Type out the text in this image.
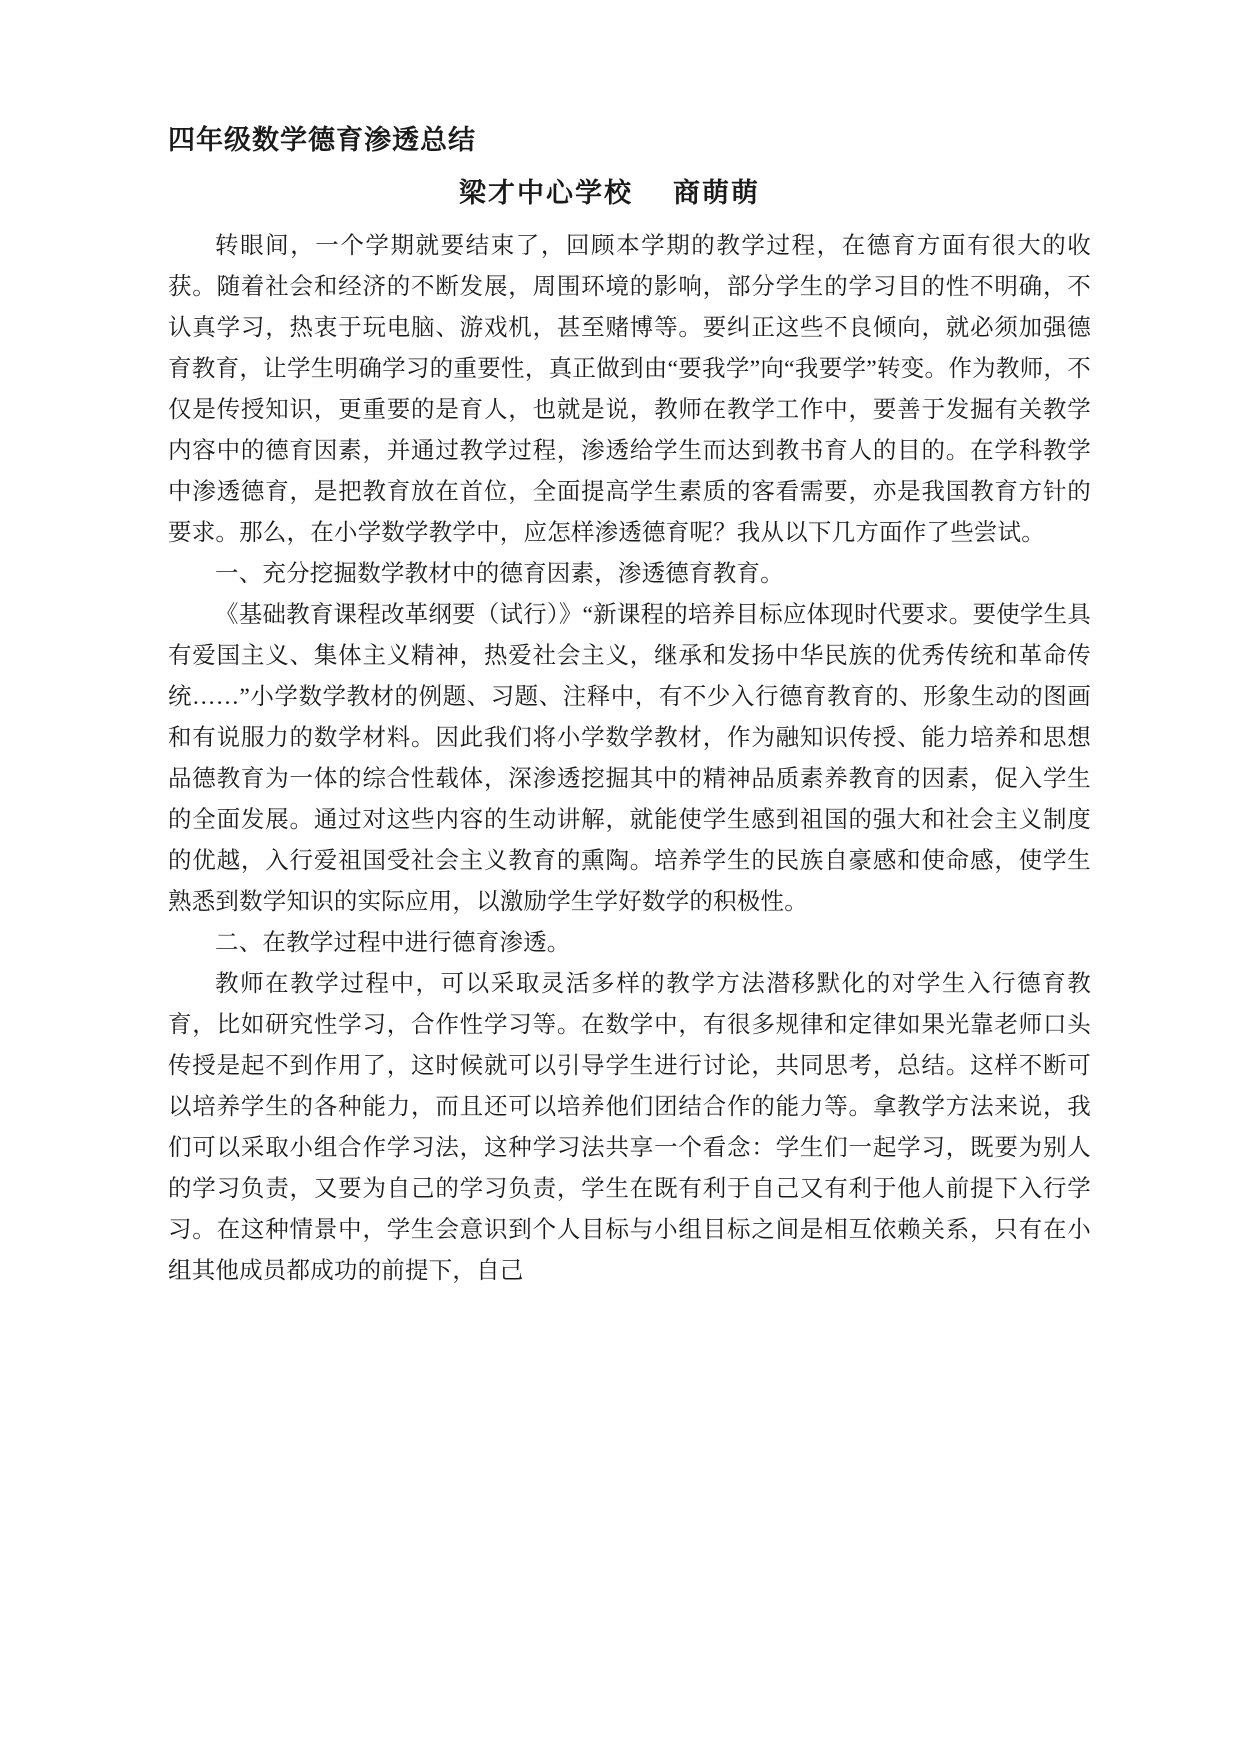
四年级数学德育渗透总结
梁才中心学校 商萌萌

转眼间，一个学期就要结束了，回顾本学期的教学过程，在德育方面有很大的收获。随着社会和经济的不断发展，周围环境的影响，部分学生的学习目的性不明确，不认真学习，热衷于玩电脑、游戏机，甚至赌博等。要纠正这些不良倾向，就必须加强德育教育，让学生明确学习的重要性，真正做到由“要我学”向“我要学”转变。作为教师，不仅是传授知识，更重要的是育人，也就是说，教师在教学工作中，要善于发掘有关教学内容中的德育因素，并通过教学过程，渗透给学生而达到教书育人的目的。在学科教学中渗透德育，是把教育放在首位，全面提高学生素质的客看需要，亦是我国教育方针的要求。那么，在小学数学教学中，应怎样渗透德育呢？我从以下几方面作了些尝试。

一、充分挖掘数学教材中的德育因素，渗透德育教育。

《基础教育课程改革纲要（试行）》“新课程的培养目标应体现时代要求。要使学生具有爱国主义、集体主义精神，热爱社会主义，继承和发扬中华民族的优秀传统和革命传统……”小学数学教材的例题、习题、注释中，有不少入行德育教育的、形象生动的图画和有说服力的数学材料。因此我们将小学数学教材，作为融知识传授、能力培养和思想品德教育为一体的综合性载体，深渗透挖掘其中的精神品质素养教育的因素，促入学生的全面发展。通过对这些内容的生动讲解，就能使学生感到祖国的强大和社会主义制度的优越，入行爱祖国受社会主义教育的熏陶。培养学生的民族自豪感和使命感，使学生熟悉到数学知识的实际应用，以激励学生学好数学的积极性。

二、在教学过程中进行德育渗透。

教师在教学过程中，可以采取灵活多样的教学方法潜移默化的对学生入行德育教育，比如研究性学习，合作性学习等。在数学中，有很多规律和定律如果光靠老师口头传授是起不到作用了，这时候就可以引导学生进行讨论，共同思考，总结。这样不断可以培养学生的各种能力，而且还可以培养他们团结合作的能力等。拿教学方法来说，我们可以采取小组合作学习法，这种学习法共享一个看念：学生们一起学习，既要为别人的学习负责，又要为自己的学习负责，学生在既有利于自己又有利于他人前提下入行学习。在这种情景中，学生会意识到个人目标与小组目标之间是相互依赖关系，只有在小组其他成员都成功的前提下，自己
